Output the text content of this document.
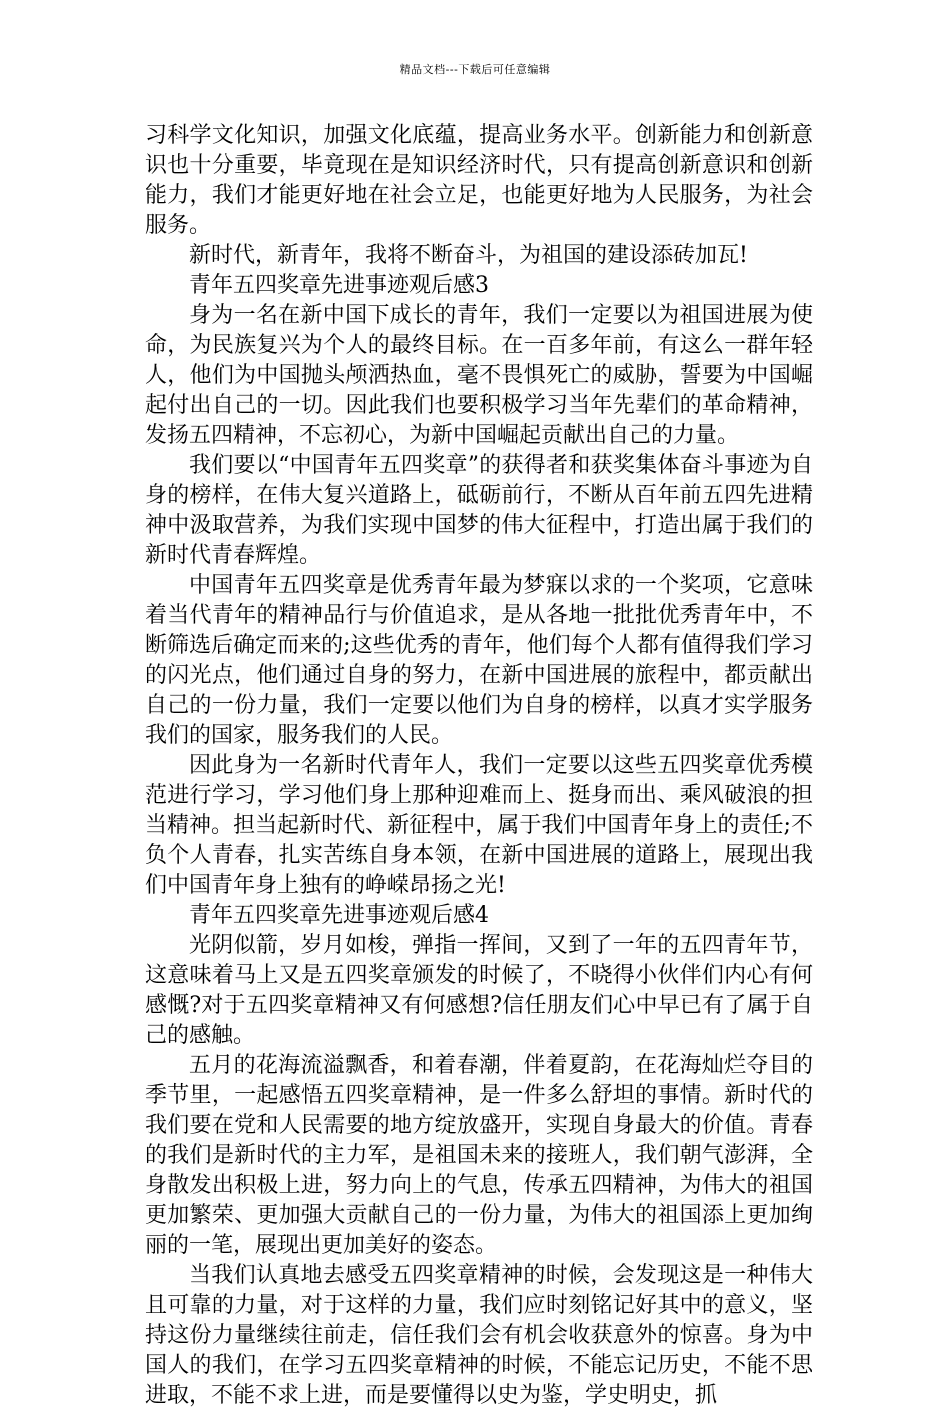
精品文档---下载后可任意编辑

习科学文化知识，加强文化底蕴，提高业务水平。创新能力和创新意识也十分重要，毕竟现在是知识经济时代，只有提高创新意识和创新能力，我们才能更好地在社会立足，也能更好地为人民服务，为社会服务。

新时代，新青年，我将不断奋斗，为祖国的建设添砖加瓦!

青年五四奖章先进事迹观后感3

身为一名在新中国下成长的青年，我们一定要以为祖国进展为使命，为民族复兴为个人的最终目标。在一百多年前，有这么一群年轻人，他们为中国抛头颅洒热血，毫不畏惧死亡的威胁，誓要为中国崛起付出自己的一切。因此我们也要积极学习当年先辈们的革命精神，发扬五四精神，不忘初心，为新中国崛起贡献出自己的力量。

我们要以“中国青年五四奖章”的获得者和获奖集体奋斗事迹为自身的榜样，在伟大复兴道路上，砥砺前行，不断从百年前五四先进精神中汲取营养，为我们实现中国梦的伟大征程中，打造出属于我们的新时代青春辉煌。

中国青年五四奖章是优秀青年最为梦寐以求的一个奖项，它意味着当代青年的精神品行与价值追求，是从各地一批批优秀青年中，不断筛选后确定而来的;这些优秀的青年，他们每个人都有值得我们学习的闪光点，他们通过自身的努力，在新中国进展的旅程中，都贡献出自己的一份力量，我们一定要以他们为自身的榜样，以真才实学服务我们的国家，服务我们的人民。

因此身为一名新时代青年人，我们一定要以这些五四奖章优秀模范进行学习，学习他们身上那种迎难而上、挺身而出、乘风破浪的担当精神。担当起新时代、新征程中，属于我们中国青年身上的责任;不负个人青春，扎实苦练自身本领，在新中国进展的道路上，展现出我们中国青年身上独有的峥嵘昂扬之光!

青年五四奖章先进事迹观后感4

光阴似箭，岁月如梭，弹指一挥间，又到了一年的五四青年节，这意味着马上又是五四奖章颁发的时候了，不晓得小伙伴们内心有何感慨?对于五四奖章精神又有何感想?信任朋友们心中早已有了属于自己的感触。

五月的花海流溢飘香，和着春潮，伴着夏韵，在花海灿烂夺目的季节里，一起感悟五四奖章精神，是一件多么舒坦的事情。新时代的我们要在党和人民需要的地方绽放盛开，实现自身最大的价值。青春的我们是新时代的主力军，是祖国未来的接班人，我们朝气澎湃，全身散发出积极上进，努力向上的气息，传承五四精神，为伟大的祖国更加繁荣、更加强大贡献自己的一份力量，为伟大的祖国添上更加绚丽的一笔，展现出更加美好的姿态。

当我们认真地去感受五四奖章精神的时候，会发现这是一种伟大且可靠的力量，对于这样的力量，我们应时刻铭记好其中的意义，坚持这份力量继续往前走，信任我们会有机会收获意外的惊喜。身为中国人的我们，在学习五四奖章精神的时候，不能忘记历史，不能不思进取，不能不求上进，而是要懂得以史为鉴，学史明史，抓
